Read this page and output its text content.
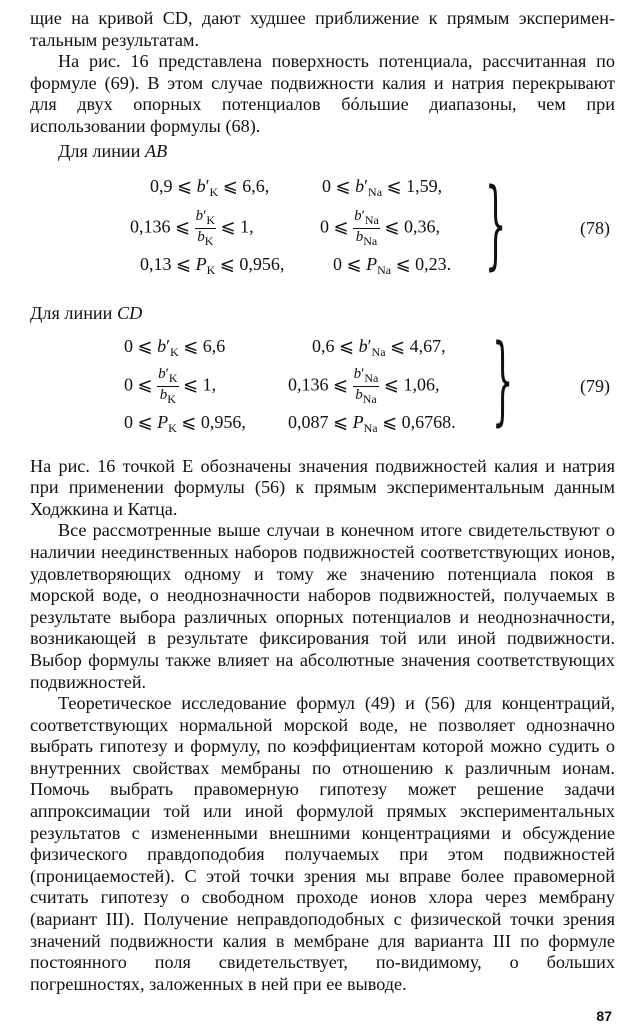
щие на кривой CD, дают худшее приближение к прямым экспериментальным результатам.

На рис. 16 представлена поверхность потенциала, рассчитанная по формуле (69). В этом случае подвижности калия и натрия перекрывают для двух опорных потенциалов бóльшие диапазоны, чем при использовании формулы (68).

Для линии AB

0,9 ⩽ $b'_K$ ⩽ 6,6,	0 ⩽ $b'_{Na}$ ⩽ 1,59,
0,136 ⩽ $\frac{b'_K}{b_K}$ ⩽ 1,	0 ⩽ $\frac{b'_{Na}}{b_{Na}}$ ⩽ 0,36,
0,13 ⩽ $P_K$ ⩽ 0,956,	0 ⩽ $P_{Na}$ ⩽ 0,23. }	(78)

Для линии CD

0 ⩽ $b'_K$ ⩽ 6,6	0,6 ⩽ $b'_{Na}$ ⩽ 4,67,
0 ⩽ $\frac{b'_K}{b_K}$ ⩽ 1,	0,136 ⩽ $\frac{b'_{Na}}{b_{Na}}$ ⩽ 1,06,
0 ⩽ $P_K$ ⩽ 0,956, 0,087 ⩽ $P_{Na}$ ⩽ 0,6768. }	(79)

На рис. 16 точкой E обозначены значения подвижностей калия и натрия при применении формулы (56) к прямым экспериментальным данным Ходжкина и Катца.

Все рассмотренные выше случаи в конечном итоге свидетельствуют о наличии неединственных наборов подвижностей соответствующих ионов, удовлетворяющих одному и тому же значению потенциала покоя в морской воде, о неоднозначности наборов подвижностей, получаемых в результате выбора различных опорных потенциалов и неоднозначности, возникающей в результате фиксирования той или иной подвижности. Выбор формулы также влияет на абсолютные значения соответствующих подвижностей.

Теоретическое исследование формул (49) и (56) для концентраций, соответствующих нормальной морской воде, не позволяет однозначно выбрать гипотезу и формулу, по коэффициентам которой можно судить о внутренних свойствах мембраны по отношению к различным ионам. Помочь выбрать правомерную гипотезу может решение задачи аппроксимации той или иной формулой прямых экспериментальных результатов с измененными внешними концентрациями и обсуждение физического правдоподобия получаемых при этом подвижностей (проницаемостей). С этой точки зрения мы вправе более правомерной считать гипотезу о свободном проходе ионов хлора через мембрану (вариант III). Получение неправдоподобных с физической точки зрения значений подвижности калия в мембране для варианта III по формуле постоянного поля свидетельствует, по-видимому, о больших погрешностях, заложенных в ней при ее выводе.

87
